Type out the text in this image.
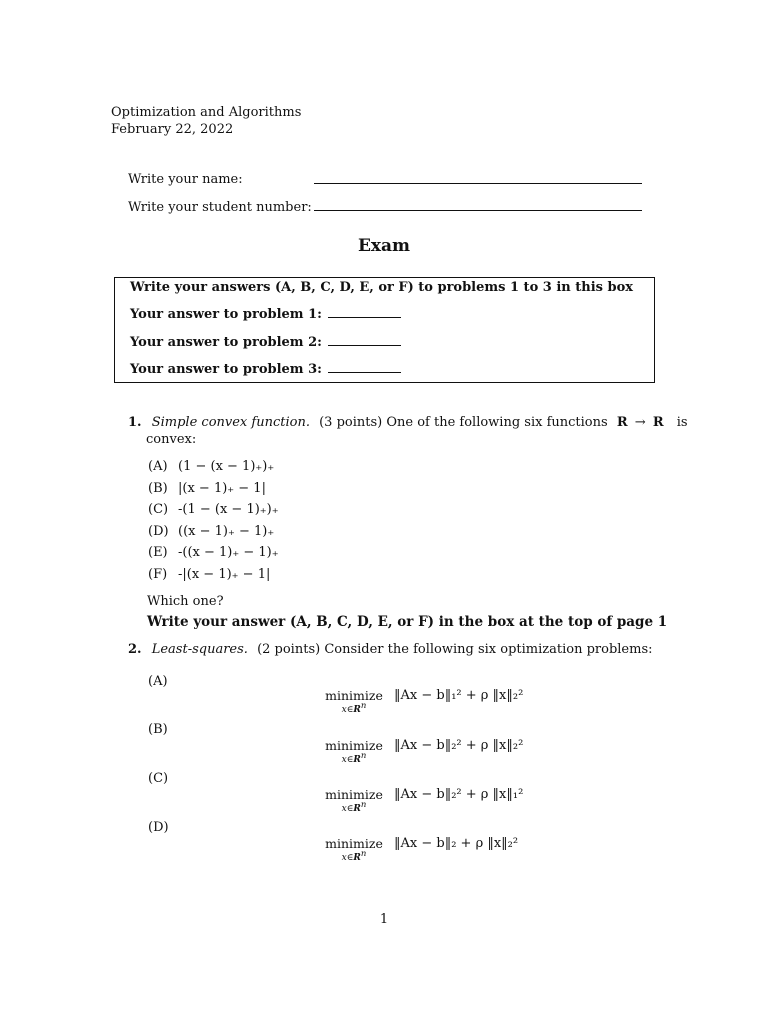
Optimization and Algorithms
February 22, 2022
Write your name:
Write your student number:
Exam
Write your answers (A, B, C, D, E, or F) to problems 1 to 3 in this box
Your answer to problem 1:
Your answer to problem 2:
Your answer to problem 3:
1. Simple convex function. (3 points) One of the following six functions R → R is
convex:
(A) (1 − (x − 1)₊)₊
(B) |(x − 1)₊ − 1|
(C) -(1 − (x − 1)₊)₊
(D) ((x − 1)₊ − 1)₊
(E) -((x − 1)₊ − 1)₊
(F) -|(x − 1)₊ − 1|
Which one?
Write your answer (A, B, C, D, E, or F) in the box at the top of page 1
2. Least-squares. (2 points) Consider the following six optimization problems:
(A)
minimize
$x\in R^n$
‖Ax − b‖₁² + ρ ‖x‖₂²
(B)
minimize
$x\in R^n$
‖Ax − b‖₂² + ρ ‖x‖₂²
(C)
minimize
$x\in R^n$
‖Ax − b‖₂² + ρ ‖x‖₁²
(D)
minimize
$x\in R^n$
‖Ax − b‖₂ + ρ ‖x‖₂²
1
